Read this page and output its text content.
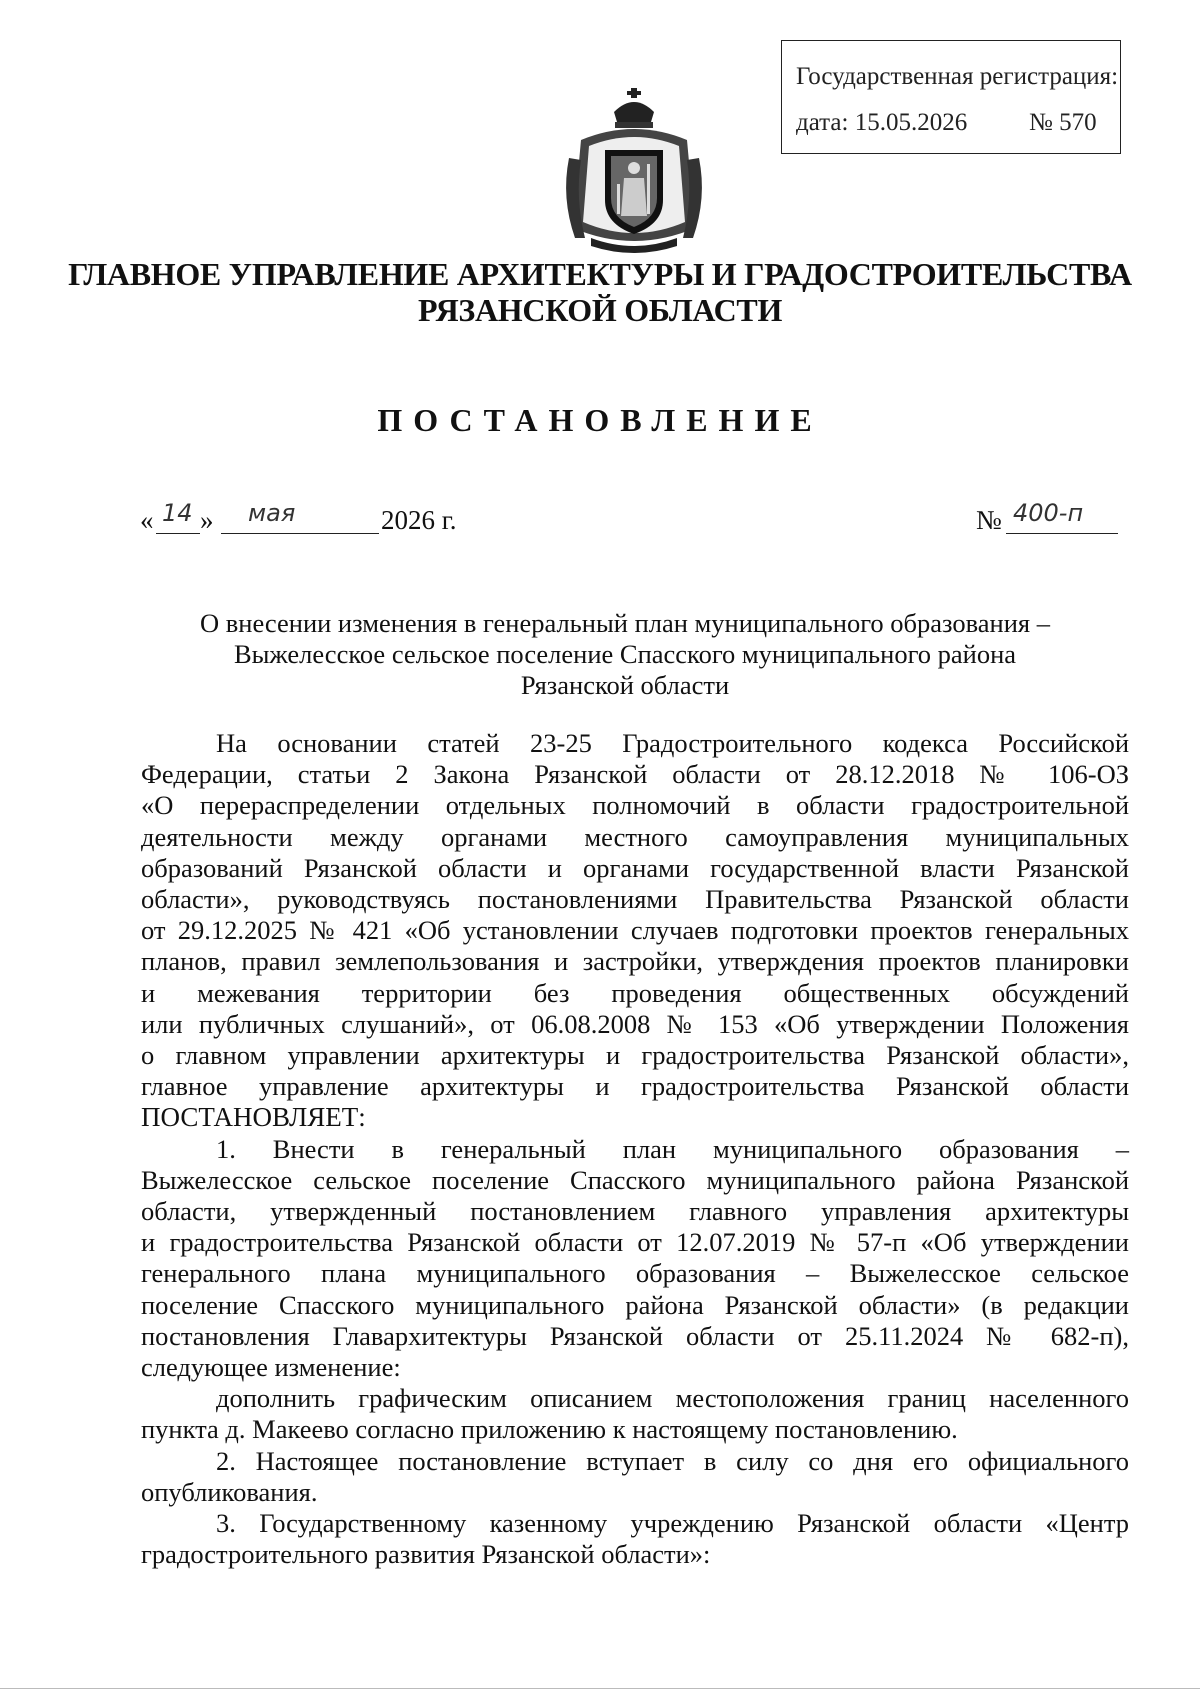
Государственная регистрация:
дата: 15.05.2026 № 570
ГЛАВНОЕ УПРАВЛЕНИЕ АРХИТЕКТУРЫ И ГРАДОСТРОИТЕЛЬСТВА
РЯЗАНСКОЙ ОБЛАСТИ
ПОСТАНОВЛЕНИЕ
« 14 » мая	2026 г.	№ 400-п
О внесении изменения в генеральный план муниципального образования –
Выжелесское сельское поселение Спасского муниципального района
Рязанской области
На основании статей 23-25 Градостроительного кодекса Российской
Федерации, статьи 2 Закона Рязанской области от 28.12.2018 № 106-ОЗ
«О перераспределении отдельных полномочий в области градостроительной
деятельности между органами местного самоуправления муниципальных
образований Рязанской области и органами государственной власти Рязанской
области», руководствуясь постановлениями Правительства Рязанской области
от 29.12.2025 № 421 «Об установлении случаев подготовки проектов генеральных
планов, правил землепользования и застройки, утверждения проектов планировки
и межевания территории без проведения общественных обсуждений
или публичных слушаний», от 06.08.2008 № 153 «Об утверждении Положения
о главном управлении архитектуры и градостроительства Рязанской области»,
главное управление архитектуры и градостроительства Рязанской области
ПОСТАНОВЛЯЕТ:
1. Внести в генеральный план муниципального образования –
Выжелесское сельское поселение Спасского муниципального района Рязанской
области, утвержденный постановлением главного управления архитектуры
и градостроительства Рязанской области от 12.07.2019 № 57-п «Об утверждении
генерального плана муниципального образования – Выжелесское сельское
поселение Спасского муниципального района Рязанской области» (в редакции
постановления Главархитектуры Рязанской области от 25.11.2024 № 682-п),
следующее изменение:
дополнить графическим описанием местоположения границ населенного
пункта д. Макеево согласно приложению к настоящему постановлению.
2. Настоящее постановление вступает в силу со дня его официального
опубликования.
3. Государственному казенному учреждению Рязанской области «Центр
градостроительного развития Рязанской области»:
